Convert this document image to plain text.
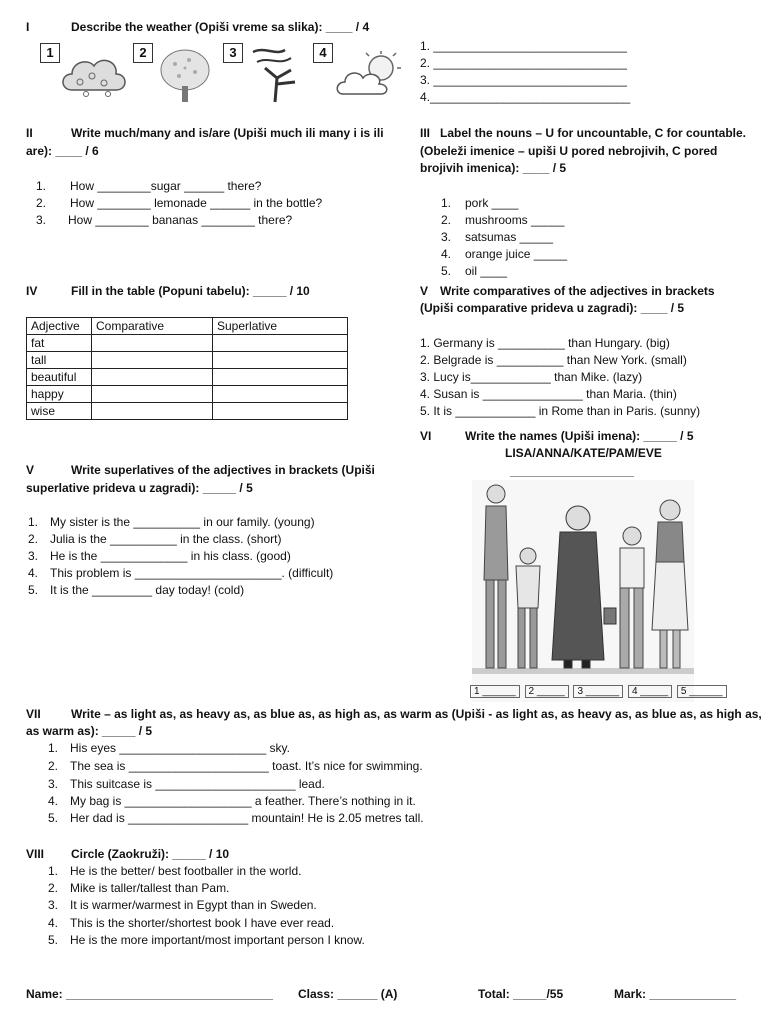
I	Describe the weather (Opiši vreme sa slika): ____ / 4
1	2	3	4	1. _____________________________
2. _____________________________
3. _____________________________
4.______________________________
II	Write much/many and is/are (Upiši much ili many i is ili
are): ____ / 6
1. How ________sugar ______ there?
2. How ________ lemonade ______ in the bottle?
3. How ________ bananas ________ there?
III Label the nouns – U for uncountable, C for countable.
(Obeleži imenice – upiši U pored nebrojivih, C pored
brojivih imenica): ____ / 5
1. pork ____
2. mushrooms _____
3. satsumas _____
4. orange juice _____
5. oil ____
IV	Fill in the table (Popuni tabelu): _____ / 10
Adjective	Comparative	Superlative
fat		
tall		
beautiful		
happy		
wise		
V Write comparatives of the adjectives in brackets
(Upiši comparative prideva u zagradi): ____ / 5
1. Germany is __________ than Hungary. (big)
2. Belgrade is __________ than New York. (small)
3. Lucy is____________ than Mike. (lazy)
4. Susan is _______________ than Maria. (thin)
5. It is ____________ in Rome than in Paris. (sunny)
VI	Write the names (Upiši imena): _____ / 5
LISA/ANNA/KATE/PAM/EVE
1 ______ 2 _____ 3 ______ 4 _____ 5 ______
V	Write superlatives of the adjectives in brackets (Upiši
superlative prideva u zagradi): _____ / 5
1. My sister is the __________ in our family. (young)
2. Julia is the __________ in the class. (short)
3. He is the _____________ in his class. (good)
4. This problem is ______________________. (difficult)
5. It is the _________ day today! (cold)
VII	Write – as light as, as heavy as, as blue as, as high as, as warm as (Upiši - as light as, as heavy as, as blue as, as high as,
as warm as): _____ / 5
1. His eyes ______________________ sky.
2. The sea is _____________________ toast. It’s nice for swimming.
3. This suitcase is _____________________ lead.
4. My bag is ___________________ a feather. There’s nothing in it.
5. Her dad is __________________ mountain! He is 2.05 metres tall.
VIII Circle (Zaokruži): _____ / 10
1. He is the better/ best footballer in the world.
2. Mike is taller/tallest than Pam.
3. It is warmer/warmest in Egypt than in Sweden.
4. This is the shorter/shortest book I have ever read.
5. He is the more important/most important person I know.
Name: _______________________________ Class: ______ (A)	Total: _____/55	Mark: _____________
